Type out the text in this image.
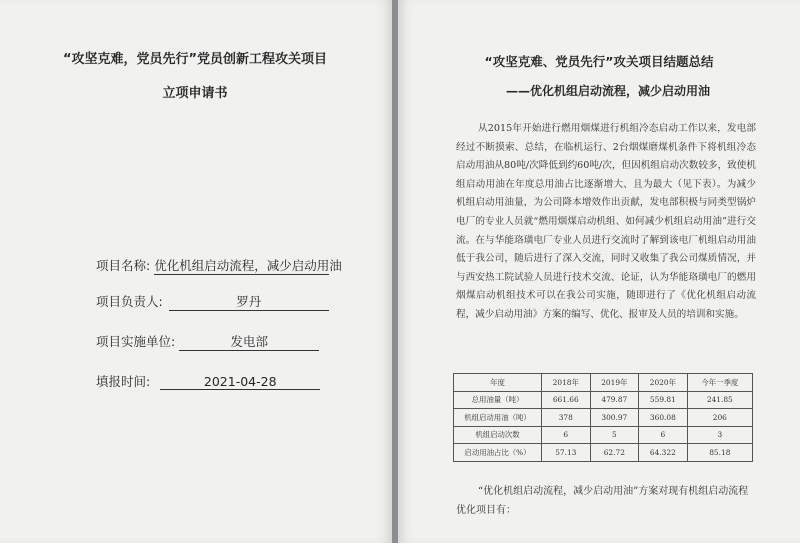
“攻坚克难，党员先行”党员创新工程攻关项目
立项申请书
项目名称: 优化机组启动流程，减少启动用油
项目负责人:	罗丹
项目实施单位:	发电部
填报时间:	2021-04-28
“攻坚克难、党员先行”攻关项目结题总结
——优化机组启动流程，减少启动用油
从2015年开始进行燃用烟煤进行机组冷态启动工作以来，发电部经过不断摸索、总结，在临机运行、2台烟煤磨煤机条件下将机组冷态启动用油从80吨/次降低到约60吨/次，但因机组启动次数较多，致使机组启动用油在年度总用油占比逐渐增大、且为最大（见下表）。为减少机组启动用油量，为公司降本增效作出贡献，发电部积极与同类型锅炉电厂的专业人员就“燃用烟煤启动机组、如何减少机组启动用油”进行交流。在与华能珞璜电厂专业人员进行交流时了解到该电厂机组启动用油低于我公司，随后进行了深入交流，同时又收集了我公司煤质情况，并与西安热工院试验人员进行技术交流、论证，认为华能珞璜电厂的燃用烟煤启动机组技术可以在我公司实施，随即进行了《优化机组启动流程，减少启动用油》方案的编写、优化、报审及人员的培训和实施。
年度	2018年	2019年	2020年	今年一季度
总用油量（吨）	661.66	479.87	559.81	241.85
机组启动用油（吨）	378	300.97	360.08	206
机组启动次数	6	5	6	3
启动用油占比（%）	57.13	62.72	64.322	85.18
“优化机组启动流程，减少启动用油”方案对现有机组启动流程优化项目有：
